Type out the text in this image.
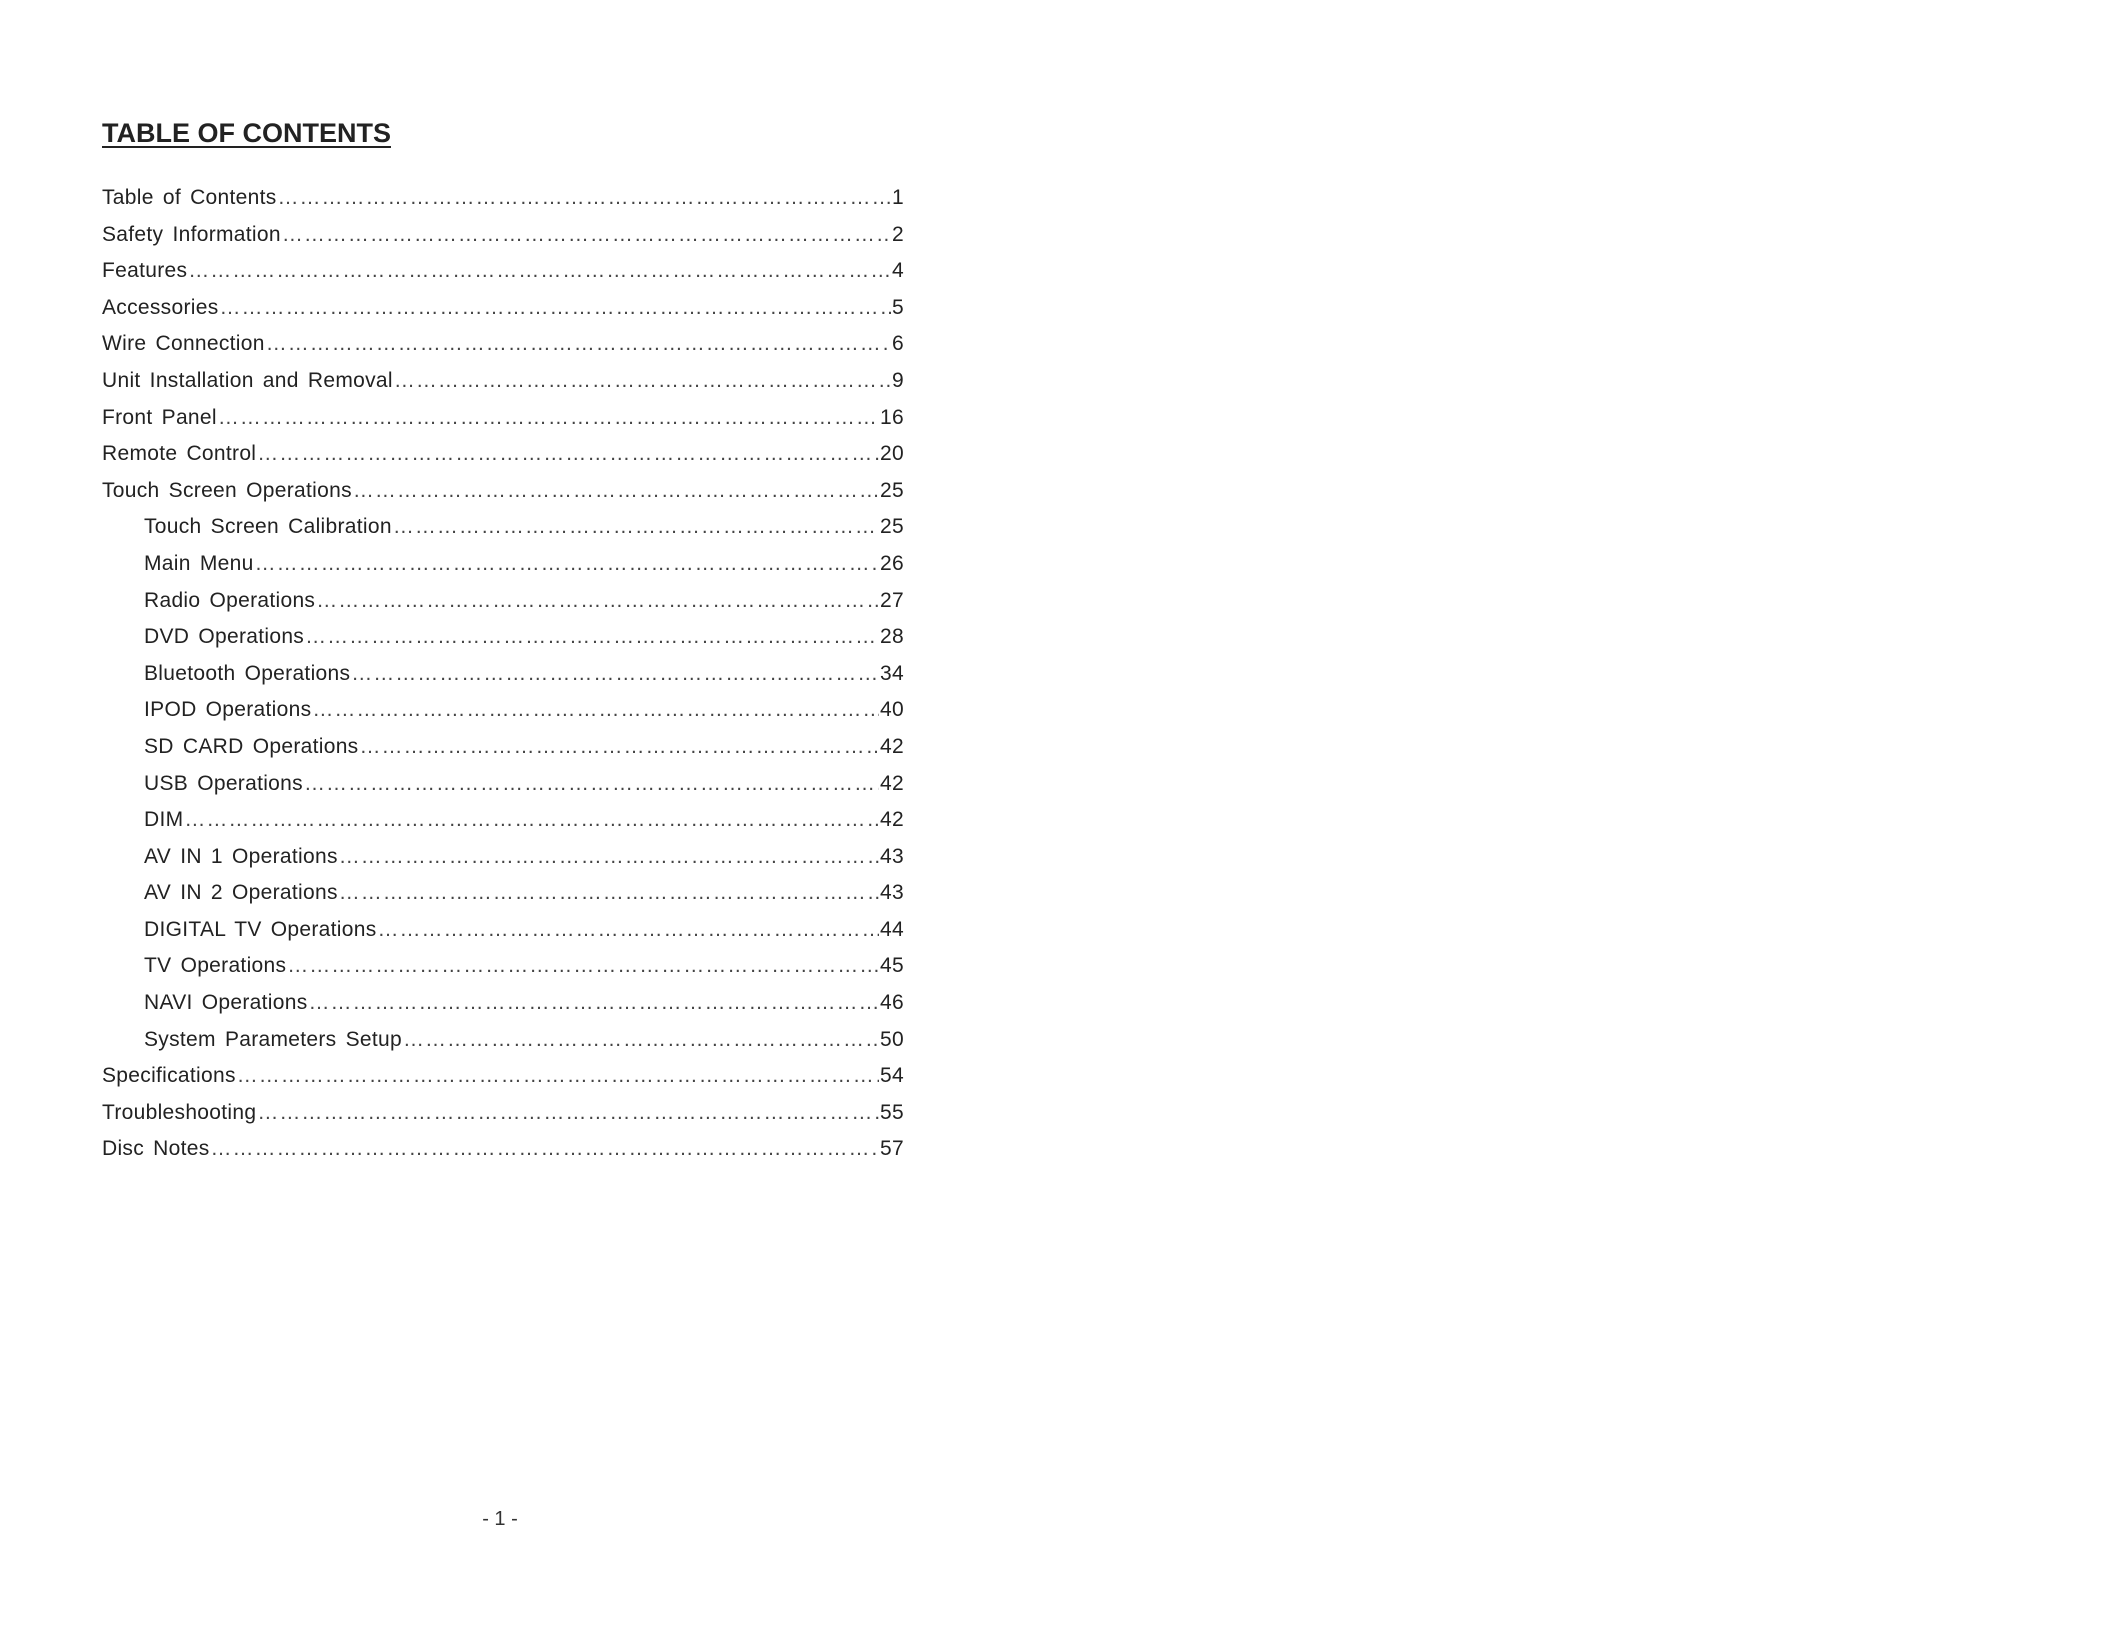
TABLE OF CONTENTS
Table of Contents ……………………………………………………………………………………………………………………………………………………………………………………	1
Safety Information ……………………………………………………………………………………………………………………………………………………………………………………	2
Features ……………………………………………………………………………………………………………………………………………………………………………………	4
Accessories ……………………………………………………………………………………………………………………………………………………………………………………	5
Wire Connection ……………………………………………………………………………………………………………………………………………………………………………………	6
Unit Installation and Removal ……………………………………………………………………………………………………………………………………………………………………………………	9
Front Panel ……………………………………………………………………………………………………………………………………………………………………………………	16
Remote Control ……………………………………………………………………………………………………………………………………………………………………………………	20
Touch Screen Operations ……………………………………………………………………………………………………………………………………………………………………………………	25
Touch Screen Calibration ……………………………………………………………………………………………………………………………………………………………………………………	25
Main Menu ……………………………………………………………………………………………………………………………………………………………………………………	26
Radio Operations ……………………………………………………………………………………………………………………………………………………………………………………	27
DVD Operations ……………………………………………………………………………………………………………………………………………………………………………………	28
Bluetooth Operations ……………………………………………………………………………………………………………………………………………………………………………………	34
IPOD Operations ……………………………………………………………………………………………………………………………………………………………………………………	40
SD CARD Operations ……………………………………………………………………………………………………………………………………………………………………………………	42
USB Operations ……………………………………………………………………………………………………………………………………………………………………………………	42
DIM ……………………………………………………………………………………………………………………………………………………………………………………	42
AV IN 1 Operations ……………………………………………………………………………………………………………………………………………………………………………………	43
AV IN 2 Operations ……………………………………………………………………………………………………………………………………………………………………………………	43
DIGITAL TV Operations ……………………………………………………………………………………………………………………………………………………………………………………	44
TV Operations ……………………………………………………………………………………………………………………………………………………………………………………	45
NAVI Operations ……………………………………………………………………………………………………………………………………………………………………………………	46
System Parameters Setup ……………………………………………………………………………………………………………………………………………………………………………………	50
Specifications ……………………………………………………………………………………………………………………………………………………………………………………	54
Troubleshooting ……………………………………………………………………………………………………………………………………………………………………………………	55
Disc Notes ……………………………………………………………………………………………………………………………………………………………………………………	57
- 1 -
